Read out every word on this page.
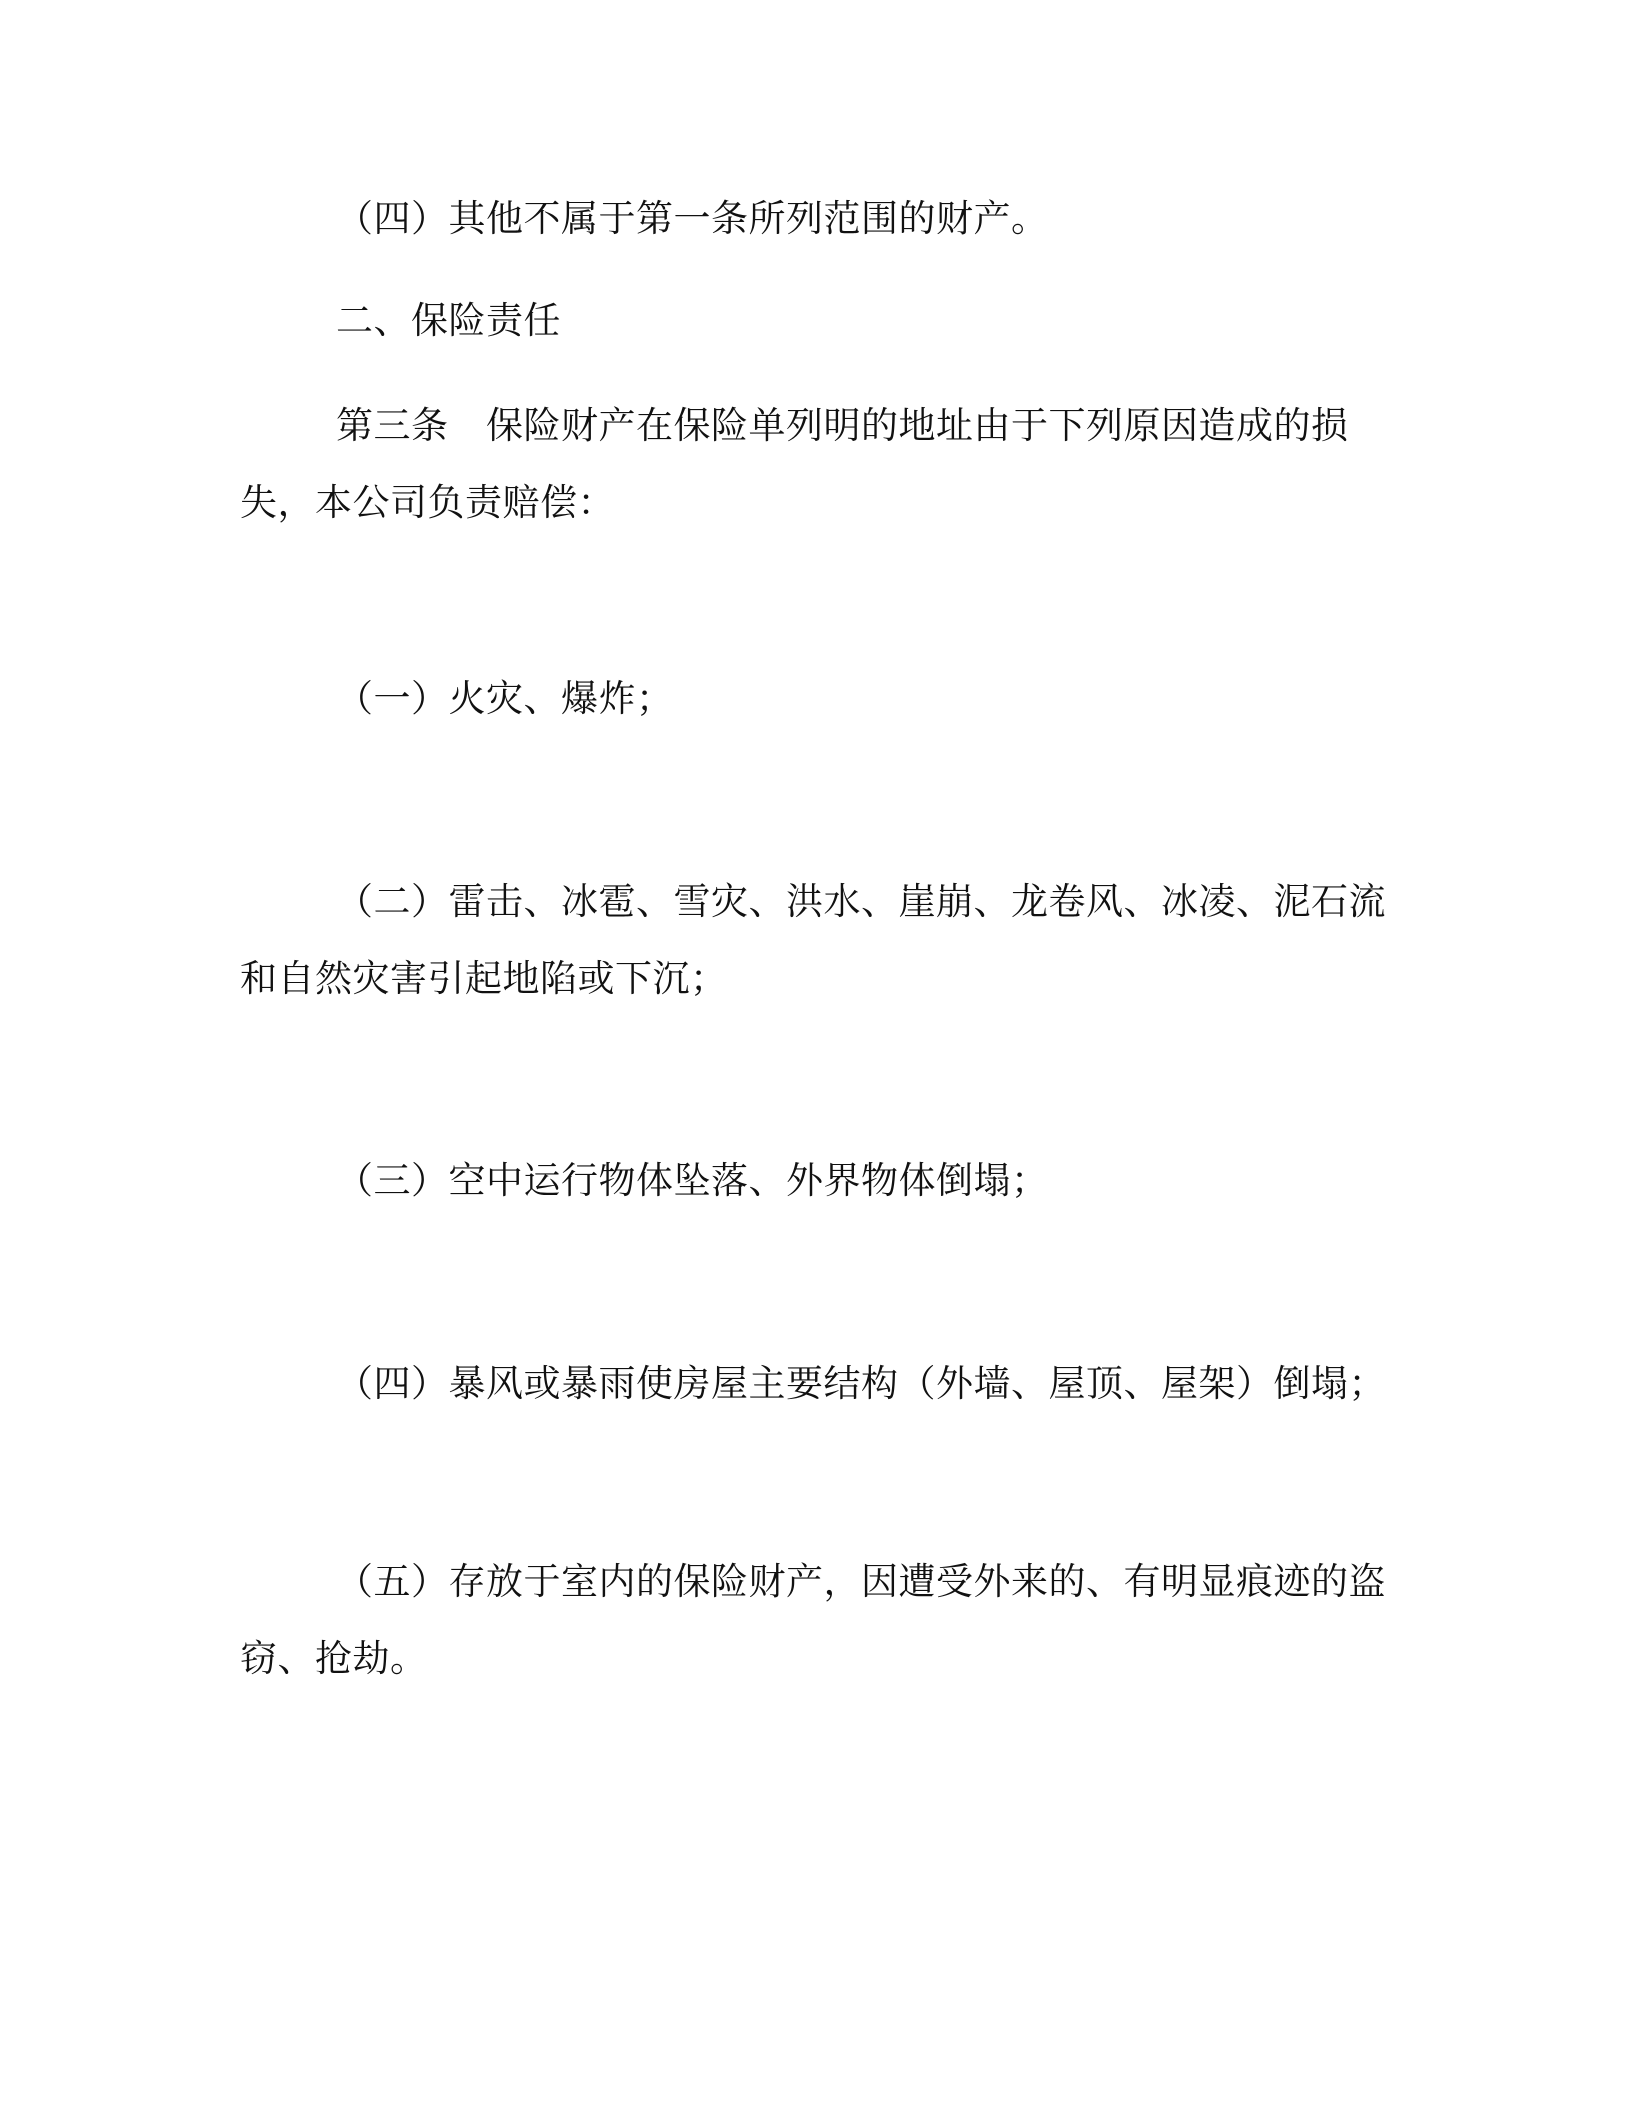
（四）其他不属于第一条所列范围的财产。

二、保险责任

第三条　保险财产在保险单列明的地址由于下列原因造成的损失，本公司负责赔偿：

（一）火灾、爆炸；

（二）雷击、冰雹、雪灾、洪水、崖崩、龙卷风、冰凌、泥石流和自然灾害引起地陷或下沉；

（三）空中运行物体坠落、外界物体倒塌；

（四）暴风或暴雨使房屋主要结构（外墙、屋顶、屋架）倒塌；

（五）存放于室内的保险财产，因遭受外来的、有明显痕迹的盗窃、抢劫。
